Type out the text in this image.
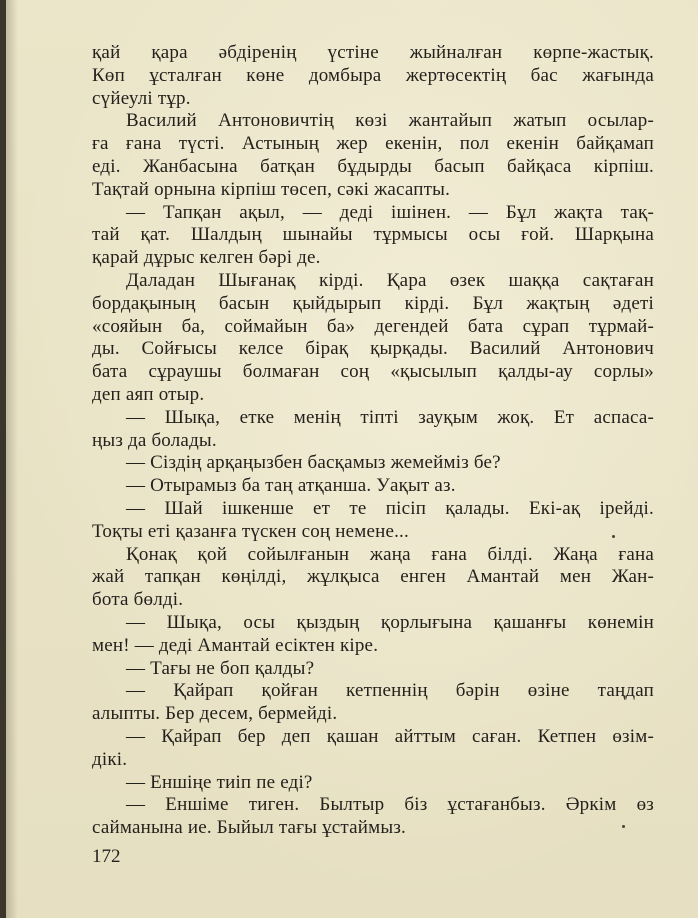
қай қара әбдіренің үстіне жыйналған көрпе-жастық.
Көп ұсталған көне домбыра жертөсектің бас жағында
сүйеулі тұр.
Василий Антоновичтің көзі жантайып жатып осылар-
ға ғана түсті. Астының жер екенін, пол екенін байқамап
еді. Жанбасына батқан бұдырды басып байқаса кірпіш.
Тақтай орнына кірпіш төсеп, сәкі жасапты.
— Тапқан ақыл, — деді ішінен. — Бұл жақта тақ-
тай қат. Шалдың шынайы тұрмысы осы ғой. Шарқына
қарай дұрыс келген бәрі де.
Даладан Шығанақ кірді. Қара өзек шаққа сақтаған
бордақының басын қыйдырып кірді. Бұл жақтың әдеті
«сояйын ба, соймайын ба» дегендей бата сұрап тұрмай-
ды. Сойғысы келсе бірақ қырқады. Василий Антонович
бата сұраушы болмаған соң «қысылып қалды-ау сорлы»
деп аяп отыр.
— Шықа, етке менің тіпті зауқым жоқ. Ет аспаса-
ңыз да болады.
— Сіздің арқаңызбен басқамыз жемейміз бе?
— Отырамыз ба таң атқанша. Уақыт аз.
— Шай ішкенше ет те пісіп қалады. Екі-ақ ірейді.
Тоқты еті қазанға түскен соң немене...
Қонақ қой сойылғанын жаңа ғана білді. Жаңа ғана
жай тапқан көңілді, жұлқыса енген Амантай мен Жан-
бота бөлді.
— Шықа, осы қыздың қорлығына қашанғы көнемін
мен! — деді Амантай есіктен кіре.
— Тағы не боп қалды?
— Қайрап қойған кетпеннің бәрін өзіне таңдап
алыпты. Бер десем, бермейді.
— Қайрап бер деп қашан айттым саған. Кетпен өзім-
дікі.
— Еншіңе тиіп пе еді?
— Еншіме тиген. Былтыр біз ұстағанбыз. Әркім өз
сайманына ие. Быйыл тағы ұстаймыз.
172
